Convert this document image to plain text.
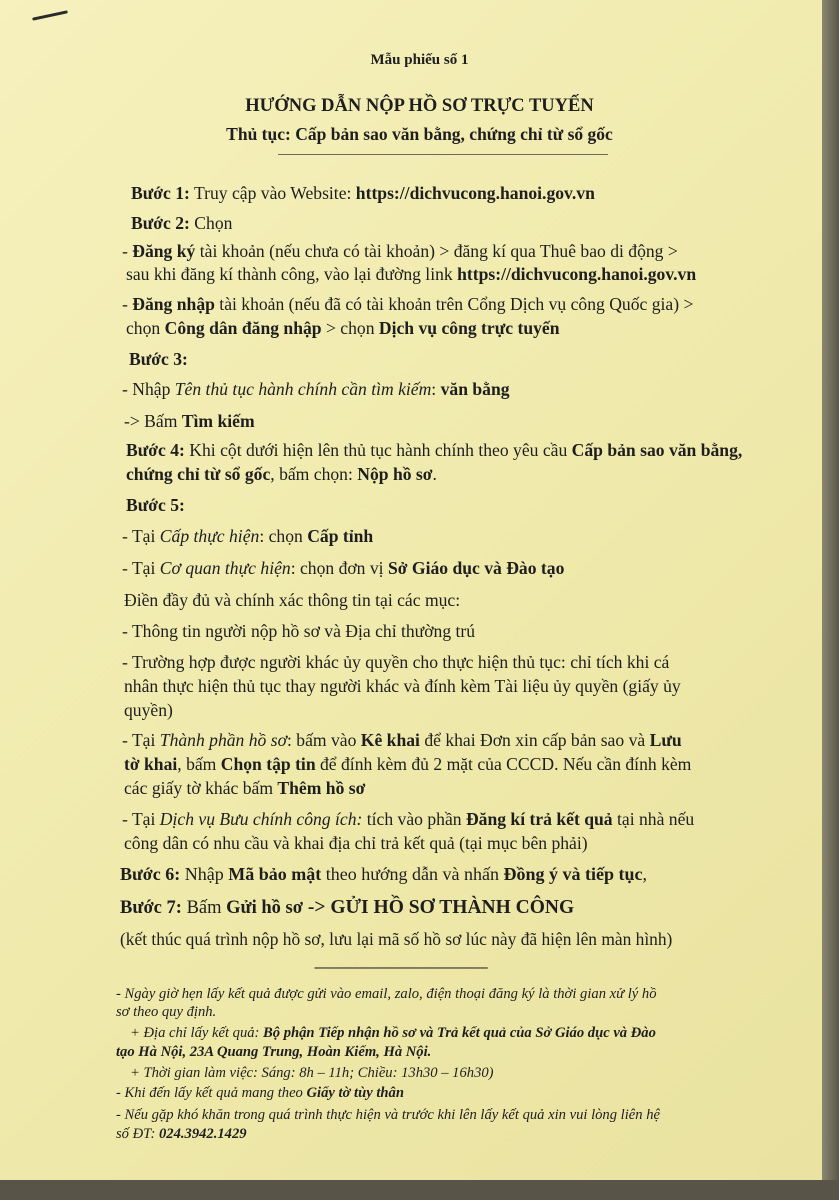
Mẫu phiếu số 1
HƯỚNG DẪN NỘP HỒ SƠ TRỰC TUYẾN
Thủ tục: Cấp bản sao văn bằng, chứng chỉ từ sổ gốc
Bước 1: Truy cập vào Website: https://dichvucong.hanoi.gov.vn
Bước 2: Chọn
- Đăng ký tài khoản (nếu chưa có tài khoản) > đăng kí qua Thuê bao di động >
sau khi đăng kí thành công, vào lại đường link https://dichvucong.hanoi.gov.vn
- Đăng nhập tài khoản (nếu đã có tài khoản trên Cổng Dịch vụ công Quốc gia) >
chọn Công dân đăng nhập > chọn Dịch vụ công trực tuyến
Bước 3:
- Nhập Tên thủ tục hành chính cần tìm kiếm: văn bằng
-> Bấm Tìm kiếm
Bước 4: Khi cột dưới hiện lên thủ tục hành chính theo yêu cầu Cấp bản sao văn bằng,
chứng chỉ từ sổ gốc, bấm chọn: Nộp hồ sơ.
Bước 5:
- Tại Cấp thực hiện: chọn Cấp tỉnh
- Tại Cơ quan thực hiện: chọn đơn vị Sở Giáo dục và Đào tạo
Điền đầy đủ và chính xác thông tin tại các mục:
- Thông tin người nộp hồ sơ và Địa chỉ thường trú
- Trường hợp được người khác ủy quyền cho thực hiện thủ tục: chỉ tích khi cá
nhân thực hiện thủ tục thay người khác và đính kèm Tài liệu ủy quyền (giấy ủy
quyền)
- Tại Thành phần hồ sơ: bấm vào Kê khai để khai Đơn xin cấp bản sao và Lưu
tờ khai, bấm Chọn tập tin để đính kèm đủ 2 mặt của CCCD. Nếu cần đính kèm
các giấy tờ khác bấm Thêm hồ sơ
- Tại Dịch vụ Bưu chính công ích: tích vào phần Đăng kí trả kết quả tại nhà nếu
công dân có nhu cầu và khai địa chỉ trả kết quả (tại mục bên phải)
Bước 6: Nhập Mã bảo mật theo hướng dẫn và nhấn Đồng ý và tiếp tục,
Bước 7: Bấm Gửi hồ sơ -> GỬI HỒ SƠ THÀNH CÔNG
(kết thúc quá trình nộp hồ sơ, lưu lại mã số hồ sơ lúc này đã hiện lên màn hình)
--------------------------------------------------
- Ngày giờ hẹn lấy kết quả được gửi vào email, zalo, điện thoại đăng ký là thời gian xử lý hồ
sơ theo quy định.
+ Địa chỉ lấy kết quả: Bộ phận Tiếp nhận hồ sơ và Trả kết quả của Sở Giáo dục và Đào
tạo Hà Nội, 23A Quang Trung, Hoàn Kiếm, Hà Nội.
+ Thời gian làm việc: Sáng: 8h – 11h; Chiều: 13h30 – 16h30)
- Khi đến lấy kết quả mang theo Giấy tờ tùy thân
- Nếu gặp khó khăn trong quá trình thực hiện và trước khi lên lấy kết quả xin vui lòng liên hệ
số ĐT: 024.3942.1429
